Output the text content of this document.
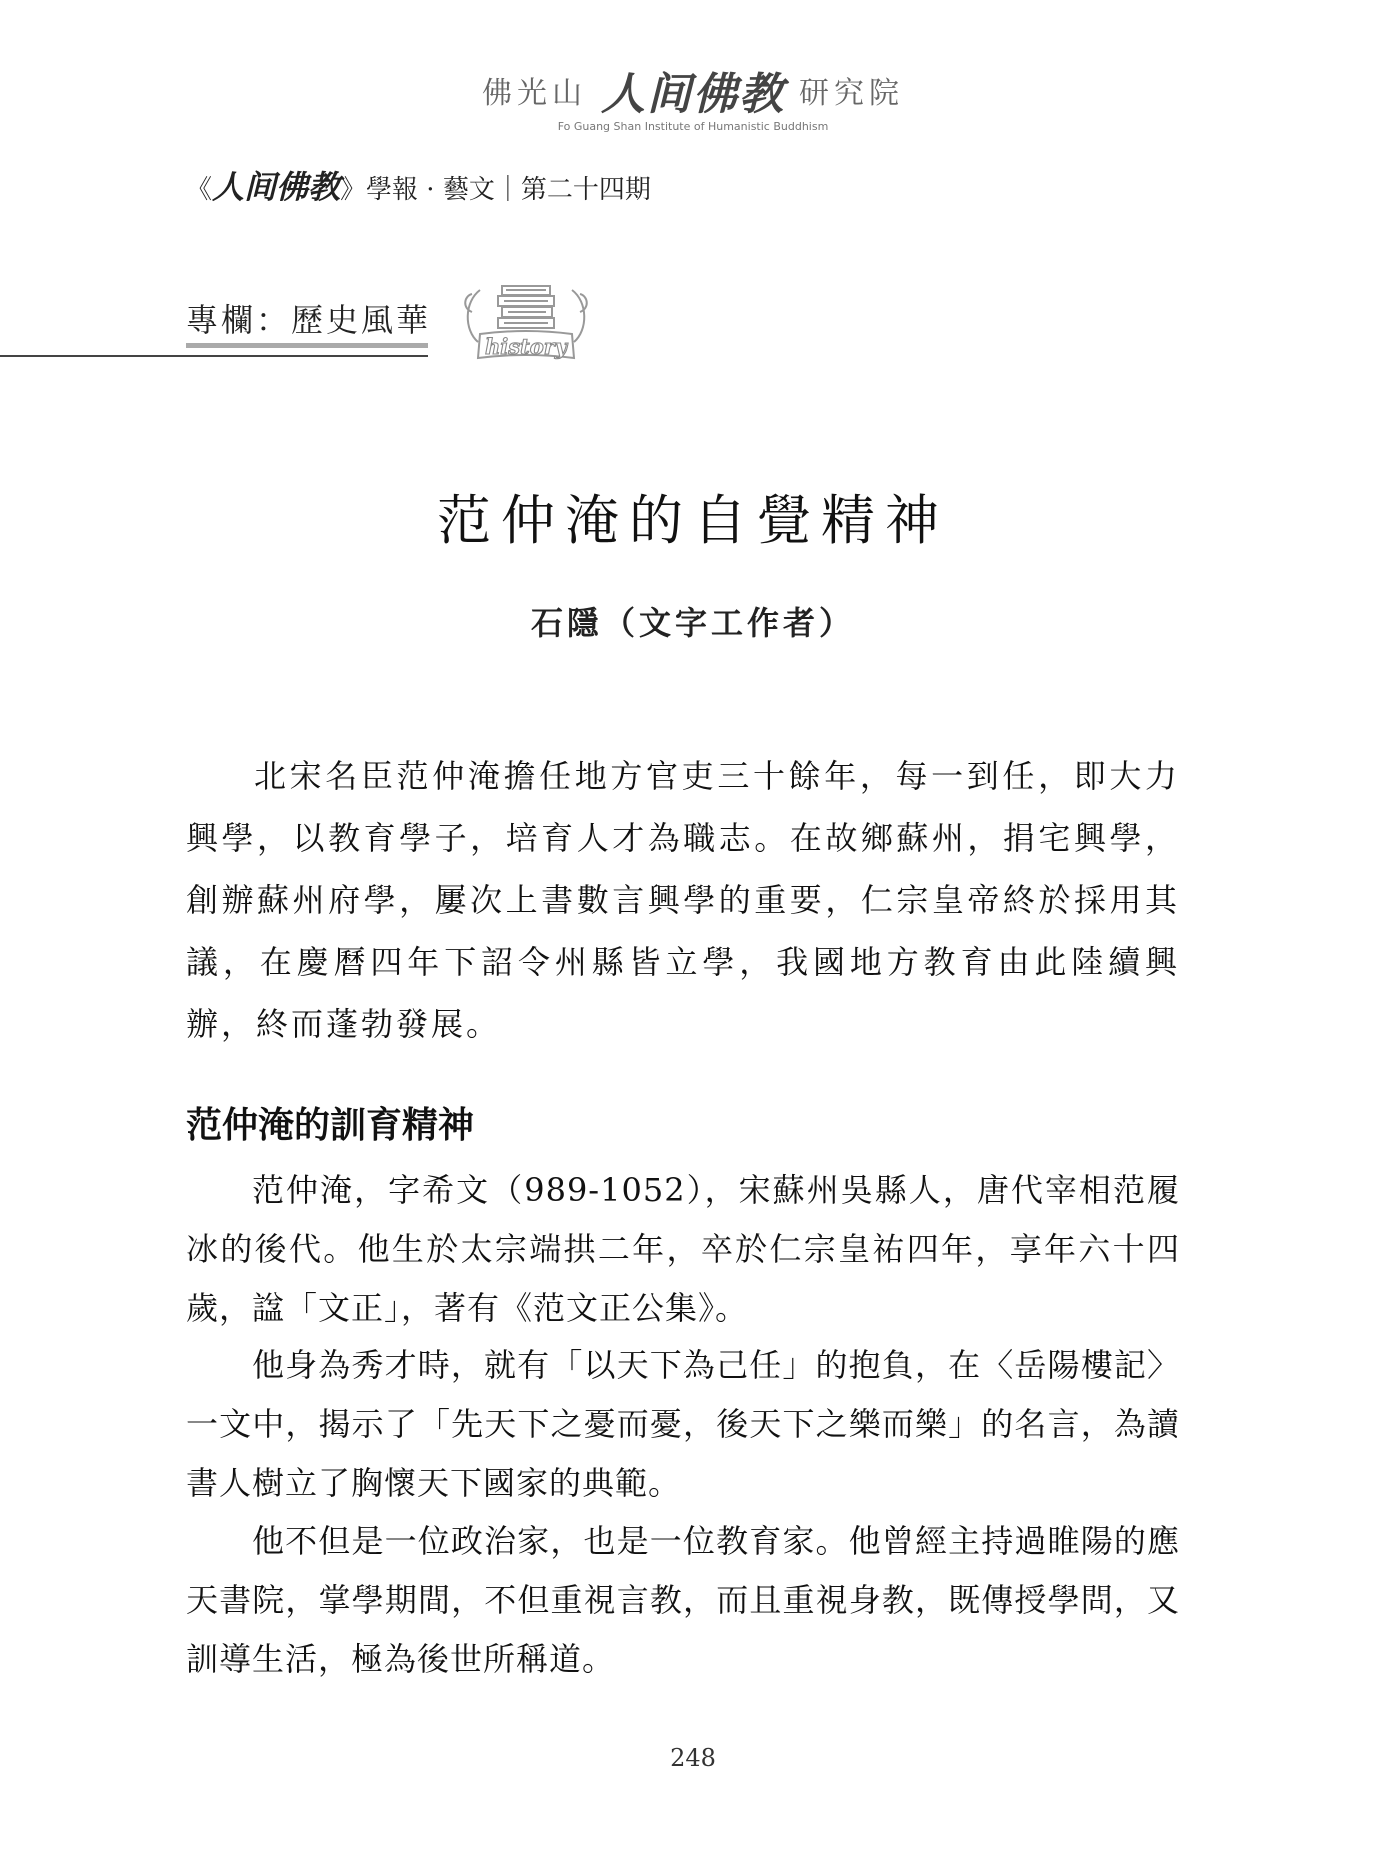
佛光山 人间佛教 研究院
Fo Guang Shan Institute of Humanistic Buddhism
《 人间佛教 》學報 · 藝文｜第二十四期
專欄：歷史風華
history
范仲淹的自覺精神
石隱（文字工作者）

北宋名臣范仲淹擔任地方官吏三十餘年，每一到任，即大力興學，以教育學子，培育人才為職志。在故鄉蘇州，捐宅興學，創辦蘇州府學，屢次上書數言興學的重要，仁宗皇帝終於採用其議，在慶曆四年下詔令州縣皆立學，我國地方教育由此陸續興辦，終而蓬勃發展。

范仲淹的訓育精神

范仲淹，字希文（989-1052），宋蘇州吳縣人，唐代宰相范履冰的後代。他生於太宗端拱二年，卒於仁宗皇祐四年，享年六十四歲，諡「文正」，著有《范文正公集》。

他身為秀才時，就有「以天下為己任」的抱負，在〈岳陽樓記〉一文中，揭示了「先天下之憂而憂，後天下之樂而樂」的名言，為讀書人樹立了胸懷天下國家的典範。

他不但是一位政治家，也是一位教育家。他曾經主持過睢陽的應天書院，掌學期間，不但重視言教，而且重視身教，既傳授學問，又訓導生活，極為後世所稱道。

248
